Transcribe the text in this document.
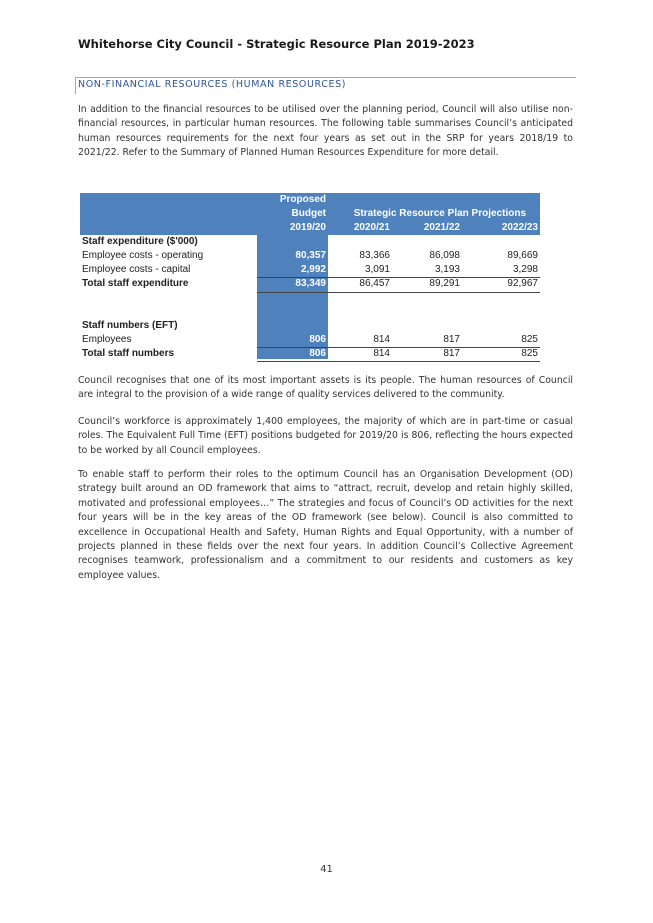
Whitehorse City Council - Strategic Resource Plan 2019-2023
NON-FINANCIAL RESOURCES (HUMAN RESOURCES)
In addition to the financial resources to be utilised over the planning period, Council will also utilise non-financial resources, in particular human resources. The following table summarises Council’s anticipated human resources requirements for the next four years as set out in the SRP for years 2018/19 to 2021/22. Refer to the Summary of Planned Human Resources Expenditure for more detail.
Proposed
Budget	Strategic Resource Plan Projections
2019/20	2020/21	2021/22	2022/23
Staff expenditure ($'000)
Employee costs - operating	80,357	83,366	86,098	89,669
Employee costs - capital	2,992	3,091	3,193	3,298
Total staff expenditure	83,349	86,457	89,291	92,967
Staff numbers (EFT)
Employees	806	814	817	825
Total staff numbers	806	814	817	825
Council recognises that one of its most important assets is its people. The human resources of Council are integral to the provision of a wide range of quality services delivered to the community.
Council’s workforce is approximately 1,400 employees, the majority of which are in part-time or casual roles. The Equivalent Full Time (EFT) positions budgeted for 2019/20 is 806, reflecting the hours expected to be worked by all Council employees.
To enable staff to perform their roles to the optimum Council has an Organisation Development (OD) strategy built around an OD framework that aims to “attract, recruit, develop and retain highly skilled, motivated and professional employees…” The strategies and focus of Council’s OD activities for the next four years will be in the key areas of the OD framework (see below). Council is also committed to excellence in Occupational Health and Safety, Human Rights and Equal Opportunity, with a number of projects planned in these fields over the next four years. In addition Council’s Collective Agreement recognises teamwork, professionalism and a commitment to our residents and customers as key employee values.
41
